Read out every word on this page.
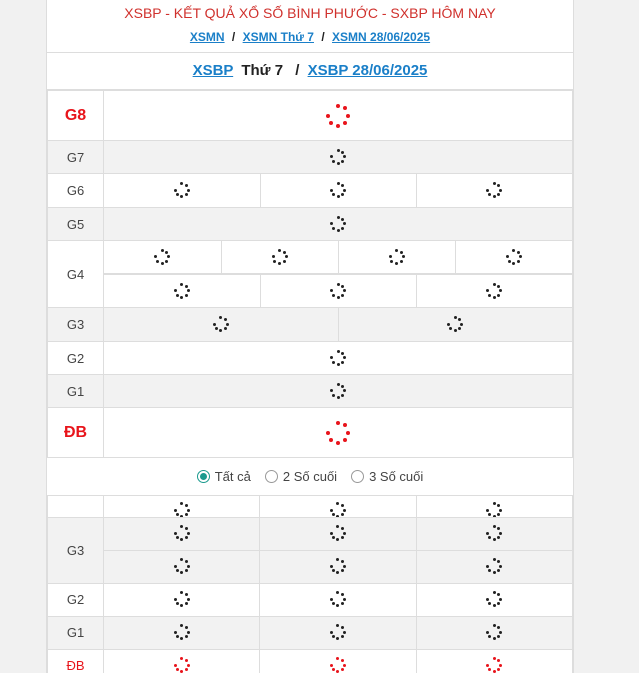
XSBP - KẾT QUẢ XỔ SỐ BÌNH PHƯỚC - SXBP HÔM NAY
XSMN / XSMN Thứ 7 / XSMN 28/06/2025
XSBP Thứ 7 / XSBP 28/06/2025
G8	

G7	

G6	

G5	

G4	

G3	

G2	

G1	

ĐB	
Tất cả 2 Số cuối 3 Số cuối

G3	

G2	

G1	

ĐB	
